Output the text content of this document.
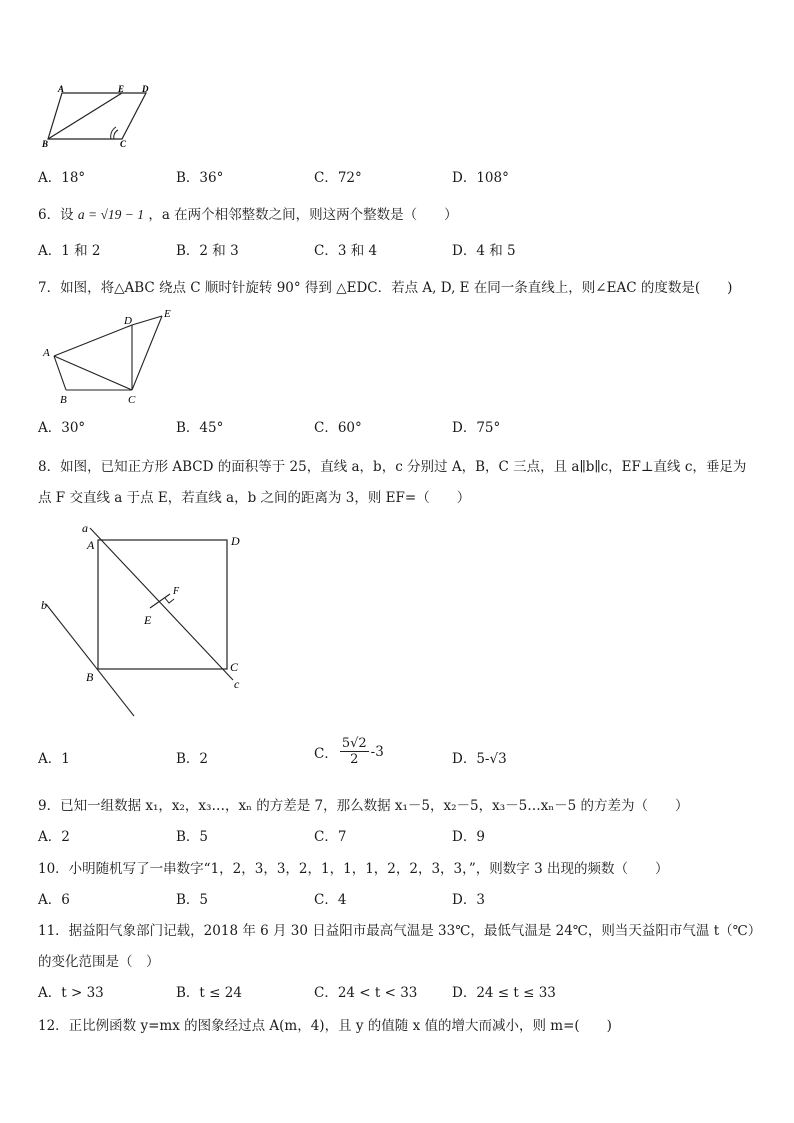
A	E D
B	C
A．18°	B．36°	C．72°	D．108°
6．设 a = √19 − 1 ，a 在两个相邻整数之间，则这两个整数是（　　）
A．1 和 2	B．2 和 3	C．3 和 4	D．4 和 5
7．如图，将△ABC 绕点 C 顺时针旋转 90° 得到 △EDC．若点 A, D, E 在同一条直线上，则∠EAC 的度数是(　　)
A
B	C
D
E
A．30°	B．45°	C．60°	D．75°
8．如图，已知正方形 ABCD 的面积等于 25，直线 a，b，c 分别过 A，B，C 三点，且 a∥b∥c，EF⊥直线 c，垂足为
点 F 交直线 a 于点 E，若直线 a，b 之间的距离为 3，则 EF=（　　）
a
A	D
b
F
E
B
C
c
A．1	B．2	C． $\frac{5√2}{2} -3$	D．5-√3
9．已知一组数据 x₁，x₂，x₃…，xₙ 的方差是 7，那么数据 x₁－5，x₂－5，x₃－5…xₙ－5 的方差为（　　）
A．2	B．5	C．7	D．9
10．小明随机写了一串数字“1，2，3，3，2，1，1，1，2，2，3，3，”，则数字 3 出现的频数（　　）
A．6	B．5	C．4	D．3
11．据益阳气象部门记载，2018 年 6 月 30 日益阳市最高气温是 33℃，最低气温是 24℃，则当天益阳市气温 t（℃）
的变化范围是（　）
A．t > 33	B．t ≤ 24	C．24 < t < 33	D．24 ≤ t ≤ 33
12．正比例函数 y=mx 的图象经过点 A(m，4)，且 y 的值随 x 值的增大而减小，则 m=(　　)
